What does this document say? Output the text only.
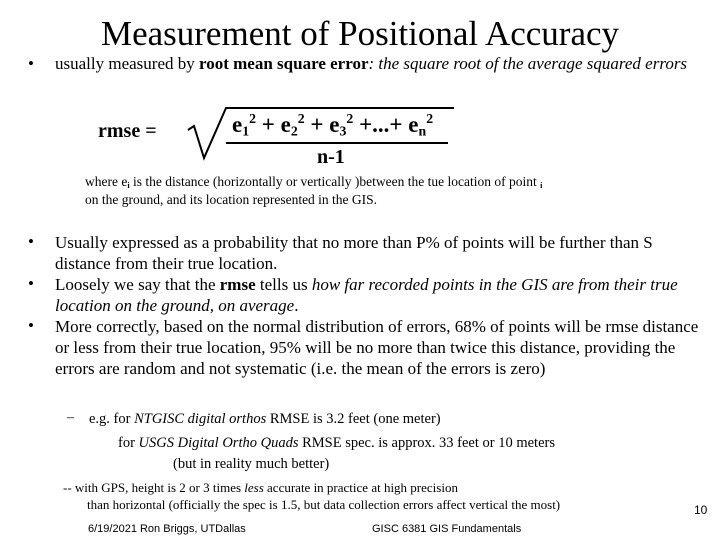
Measurement of Positional Accuracy
• usually measured by root mean square error: the square root of the average squared errors
rmse =	$e_1^2 + e_2^2 + e_3^2$ +...+ $e_n^2$
n-1
where $e_i$ is the distance (horizontally or vertically )between the tue location of point $_i$
on the ground, and its location represented in the GIS.
•
•
•
Usually expressed as a probability that no more than P% of points will be further than S distance from their true location.
Loosely we say that the rmse tells us how far recorded points in the GIS are from their true location on the ground, on average.
More correctly, based on the normal distribution of errors, 68% of points will be rmse distance or less from their true location, 95% will be no more than twice this distance, providing the errors are random and not systematic (i.e. the mean of the errors is zero)
– e.g. for NTGISC digital orthos RMSE is 3.2 feet (one meter)
for USGS Digital Ortho Quads RMSE spec. is approx. 33 feet or 10 meters
(but in reality much better)
-- with GPS, height is 2 or 3 times less accurate in practice at high precision
than horizontal (officially the spec is 1.5, but data collection errors affect vertical the most)
6/19/2021 Ron Briggs, UTDallas	GISC 6381 GIS Fundamentals
10
